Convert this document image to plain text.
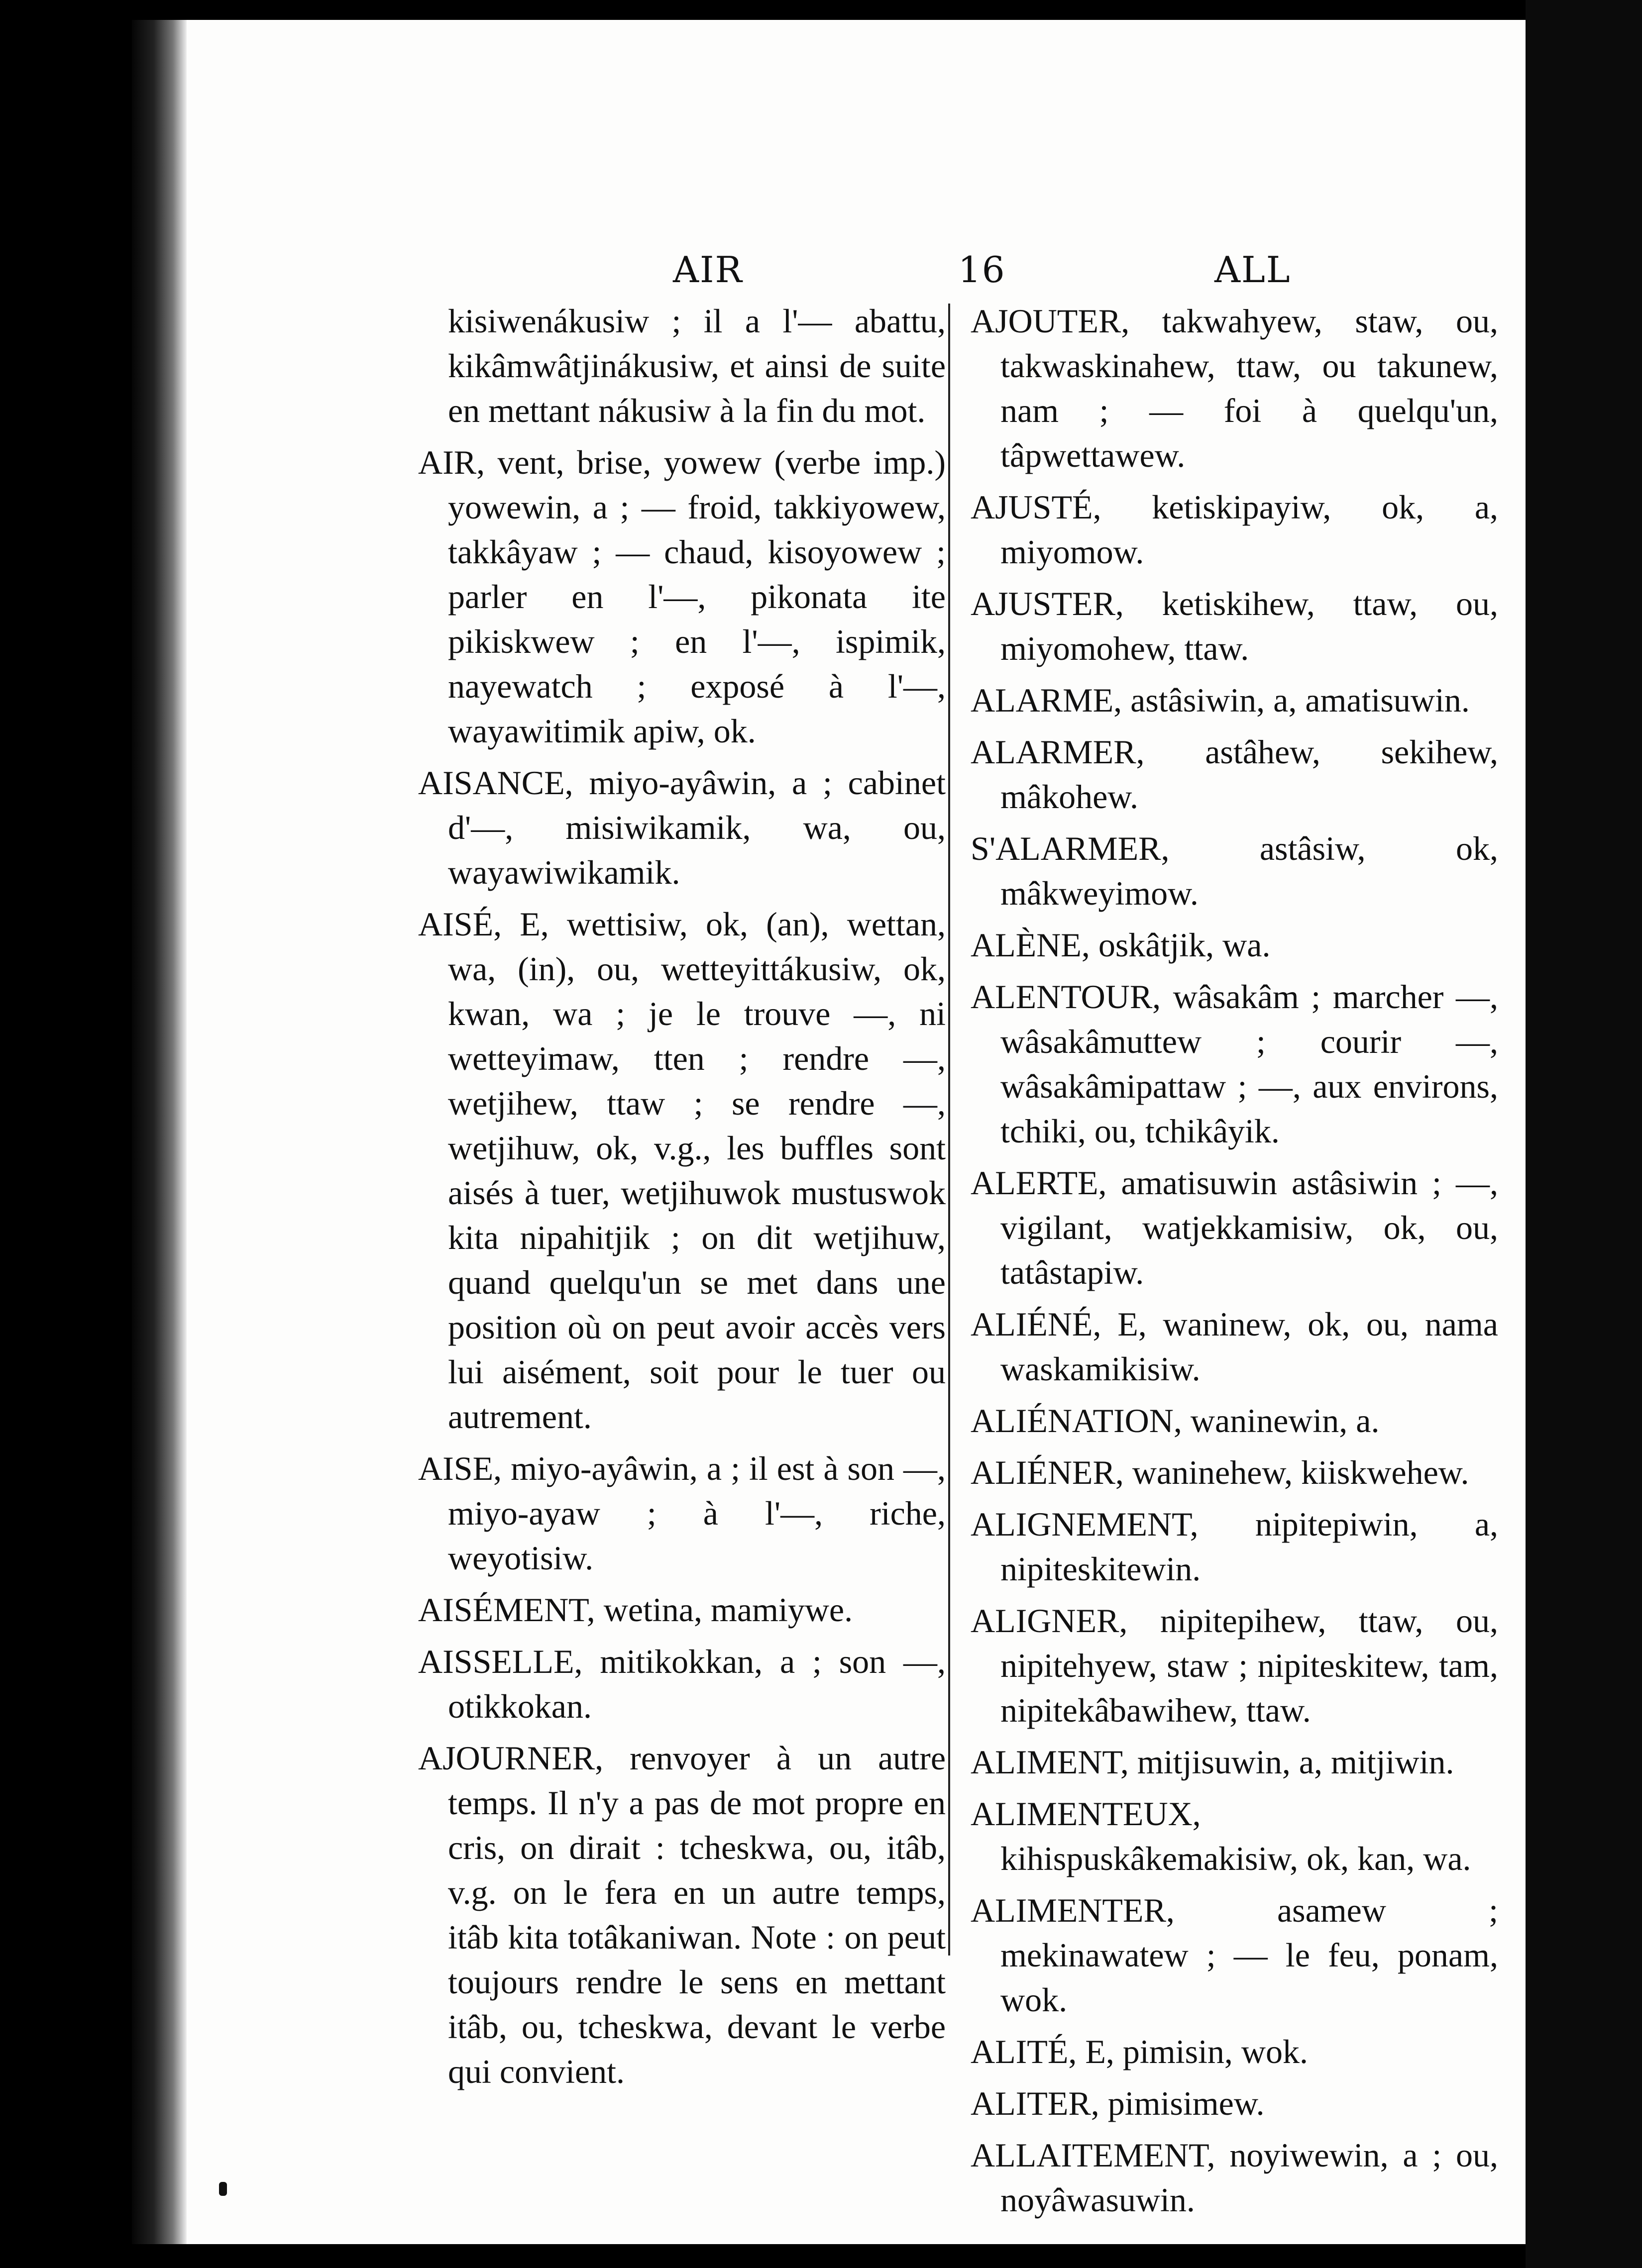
AIR	16	ALL

kisiwenákusiw ; il a l'— abattu, kikâmwâtjinákusiw, et ainsi de suite en mettant nákusiw à la fin du mot.

AIR, vent, brise, yowew (verbe imp.) yowewin, a ; — froid, takkiyowew, takkâyaw ; — chaud, kisoyowew ; parler en l'—, pikonata ite pikiskwew ; en l'—, ispimik, nayewatch ; exposé à l'—, wayawitimik apiw, ok.

AISANCE, miyo-ayâwin, a ; cabinet d'—, misiwikamik, wa, ou, wayawiwikamik.

AISÉ, E, wettisiw, ok, (an), wettan, wa, (in), ou, wetteyittákusiw, ok, kwan, wa ; je le trouve —, ni wetteyimaw, tten ; rendre —, wetjihew, ttaw ; se rendre —, wetjihuw, ok, v.g., les buffles sont aisés à tuer, wetjihuwok mustuswok kita nipahitjik ; on dit wetjihuw, quand quelqu'un se met dans une position où on peut avoir accès vers lui aisément, soit pour le tuer ou autrement.

AISE, miyo-ayâwin, a ; il est à son —, miyo-ayaw ; à l'—, riche, weyotisiw.

AISÉMENT, wetina, mamiywe.

AISSELLE, mitikokkan, a ; son —, otikkokan.

AJOURNER, renvoyer à un autre temps. Il n'y a pas de mot propre en cris, on dirait : tcheskwa, ou, itâb, v.g. on le fera en un autre temps, itâb kita totâkaniwan. Note : on peut toujours rendre le sens en mettant itâb, ou, tcheskwa, devant le verbe qui convient.

AJOUTER, takwahyew, staw, ou, takwaskinahew, ttaw, ou takunew, nam ; — foi à quelqu'un, tâpwettawew.

AJUSTÉ, ketiskipayiw, ok, a, miyomow.

AJUSTER, ketiskihew, ttaw, ou, miyomohew, ttaw.

ALARME, astâsiwin, a, amatisuwin.

ALARMER, astâhew, sekihew, mâkohew.

S'ALARMER, astâsiw, ok, mâkweyimow.

ALÈNE, oskâtjik, wa.

ALENTOUR, wâsakâm ; marcher —, wâsakâmuttew ; courir —, wâsakâmipattaw ; —, aux environs, tchiki, ou, tchikâyik.

ALERTE, amatisuwin astâsiwin ; —, vigilant, watjekkamisiw, ok, ou, tatâstapiw.

ALIÉNÉ, E, waninew, ok, ou, nama waskamikisiw.

ALIÉNATION, waninewin, a.

ALIÉNER, waninehew, kiiskwehew.

ALIGNEMENT, nipitepiwin, a, nipiteskitewin.

ALIGNER, nipitepihew, ttaw, ou, nipitehyew, staw ; nipiteskitew, tam, nipitekâbawihew, ttaw.

ALIMENT, mitjisuwin, a, mitjiwin.

ALIMENTEUX, kihispuskâkemakisiw, ok, kan, wa.

ALIMENTER, asamew ; mekinawatew ; — le feu, ponam, wok.

ALITÉ, E, pimisin, wok.

ALITER, pimisimew.

ALLAITEMENT, noyiwewin, a ; ou, noyâwasuwin.
